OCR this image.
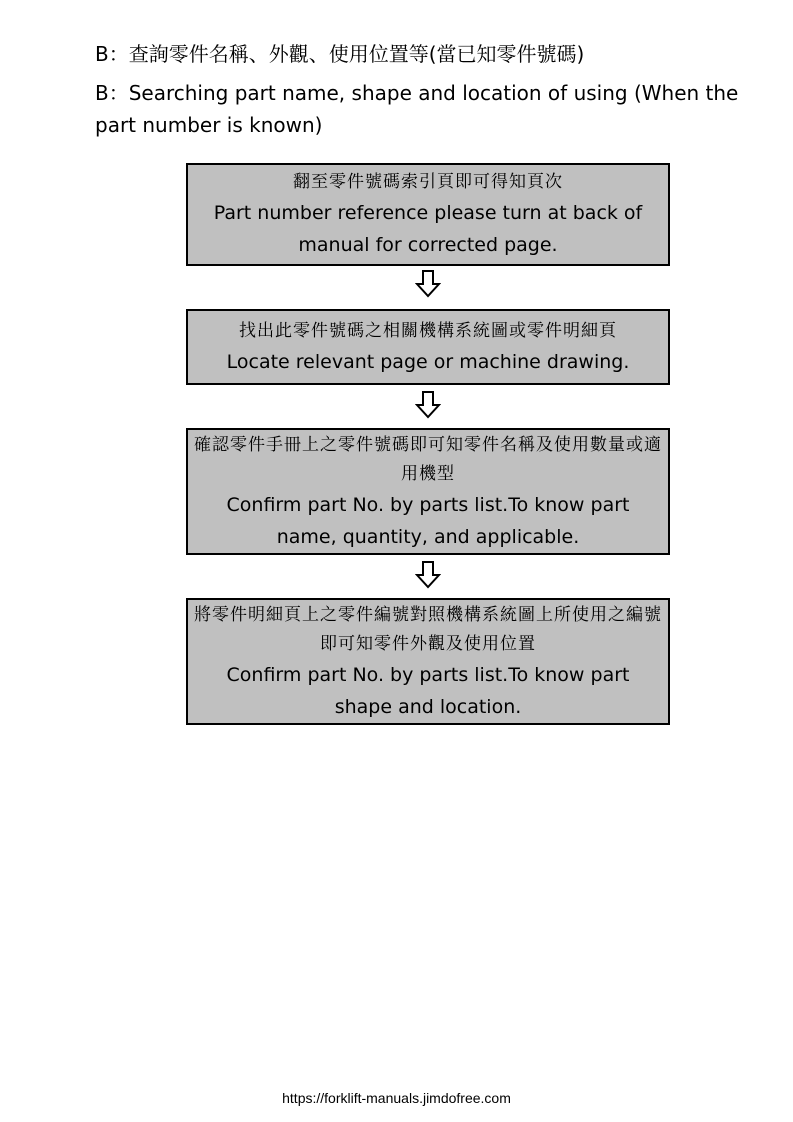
B：查詢零件名稱、外觀、使用位置等(當已知零件號碼)
B：Searching part name, shape and location of using (When the part number is known)
翻至零件號碼索引頁即可得知頁次
Part number reference please turn at back of manual for corrected page.
找出此零件號碼之相關機構系統圖或零件明細頁
Locate relevant page or machine drawing.
確認零件手冊上之零件號碼即可知零件名稱及使用數量或適用機型
Confirm part No. by parts list.To know part name, quantity, and applicable.
將零件明細頁上之零件編號對照機構系統圖上所使用之編號即可知零件外觀及使用位置
Confirm part No. by parts list.To know part shape and location.
https://forklift-manuals.jimdofree.com
